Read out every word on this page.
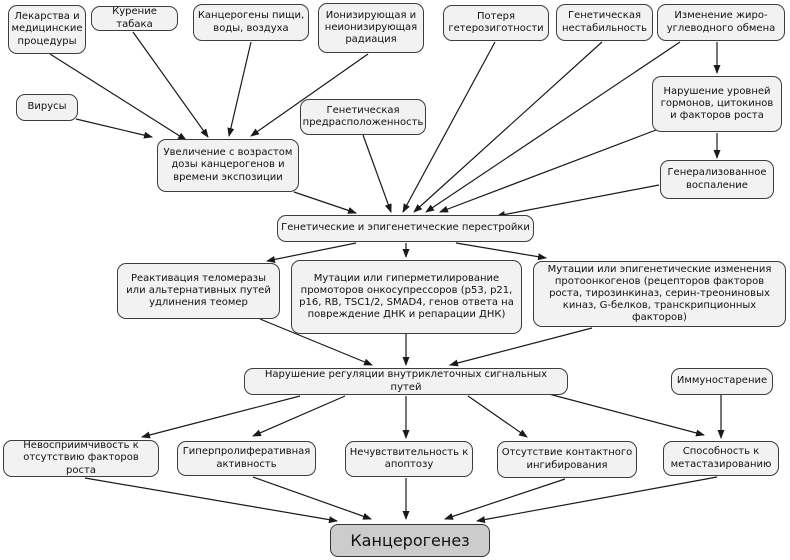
Лекарства и медицинские процедуры
Курение табака
Канцерогены пищи, воды, воздуха
Ионизирующая и неионизирующая радиация
Потеря гетерозиготности
Генетическая нестабильность
Изменение жиро-углеводного обмена
Вирусы	Генетическая предрасположенность
Нарушение уровней гормонов, цитокинов и факторов роста
Увеличение с возрастом дозы канцерогенов и времени экспозиции	Генерализованное воспаление
Генетические и эпигенетические перестройки
Реактивация теломеразы или альтернативных путей удлинения теомер
Мутации или гиперметилирование промоторов онкосупрессоров (p53, p21, p16, RB, TSC1/2, SMAD4, генов ответа на повреждение ДНК и репарации ДНК)
Мутации или эпигенетические изменения протоонкогенов (рецепторов факторов роста, тирозинкиназ, серин-треониновых киназ, G-белков, транскрипционных факторов)
Нарушение регуляции внутриклеточных сигнальных путей
Иммуностарение
Невосприимчивость к отсутствию факторов роста
Гиперпролиферативная активность
Нечувствительность к апоптозу
Отсутствие контактного ингибирования
Способность к метастазированию
Канцерогенез
